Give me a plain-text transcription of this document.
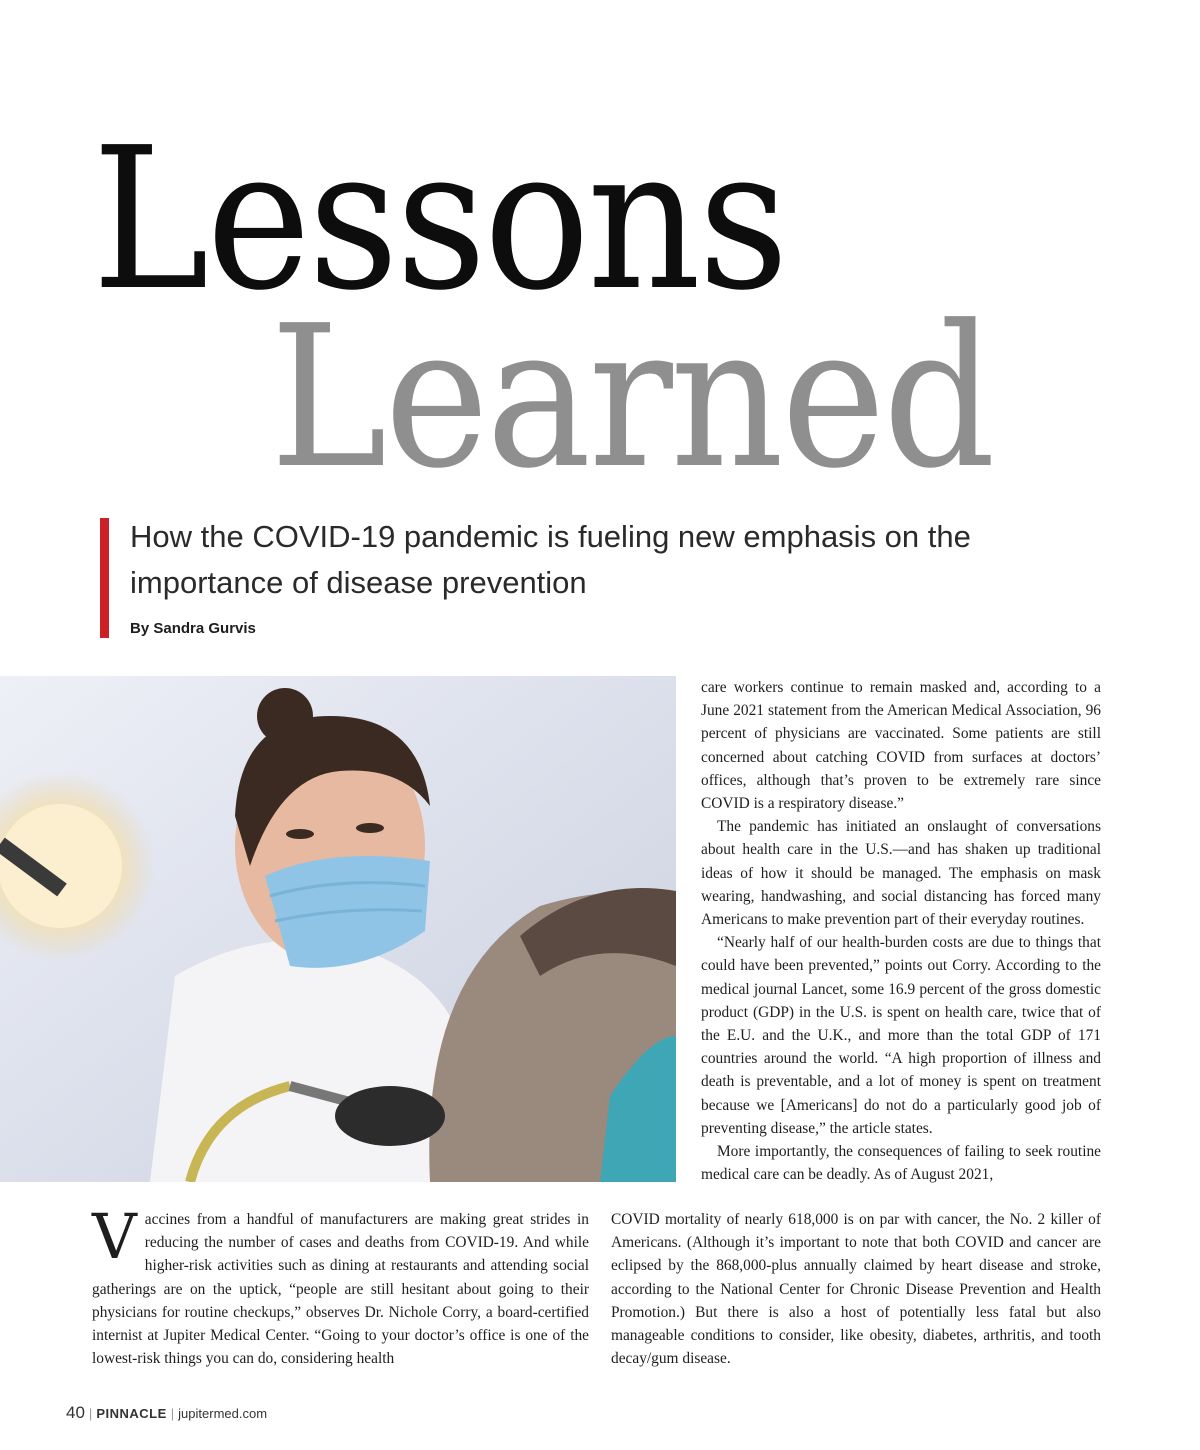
Lessons
Learned
How the COVID-19 pandemic is fueling new emphasis on the importance of disease prevention

By Sandra Gurvis

care workers continue to remain masked and, according to a June 2021 statement from the American Medical Association, 96 percent of physicians are vaccinated. Some patients are still concerned about catching COVID from surfaces at doctors’ offices, although that’s proven to be extremely rare since COVID is a respiratory disease.”

The pandemic has initiated an onslaught of conversations about health care in the U.S.—and has shaken up traditional ideas of how it should be managed. The emphasis on mask wearing, handwashing, and social distancing has forced many Americans to make prevention part of their everyday routines.

“Nearly half of our health-burden costs are due to things that could have been prevented,” points out Corry. According to the medical journal Lancet, some 16.9 percent of the gross domestic product (GDP) in the U.S. is spent on health care, twice that of the E.U. and the U.K., and more than the total GDP of 171 countries around the world. “A high proportion of illness and death is preventable, and a lot of money is spent on treatment because we [Americans] do not do a particularly good job of preventing disease,” the article states.

More importantly, the consequences of failing to seek routine medical care can be deadly. As of August 2021,

Vaccines from a handful of manufacturers are making great strides in reducing the number of cases and deaths from COVID-19. And while higher-risk activities such as dining at restaurants and attending social gatherings are on the uptick, “people are still hesitant about going to their physicians for routine checkups,” observes Dr. Nichole Corry, a board-certified internist at Jupiter Medical Center. “Going to your doctor’s office is one of the lowest-risk things you can do, considering health

COVID mortality of nearly 618,000 is on par with cancer, the No. 2 killer of Americans. (Although it’s important to note that both COVID and cancer are eclipsed by the 868,000-plus annually claimed by heart disease and stroke, according to the National Center for Chronic Disease Prevention and Health Promotion.) But there is also a host of potentially less fatal but also manageable conditions to consider, like obesity, diabetes, arthritis, and tooth decay/gum disease.

40 | PINNACLE | jupitermed.com
